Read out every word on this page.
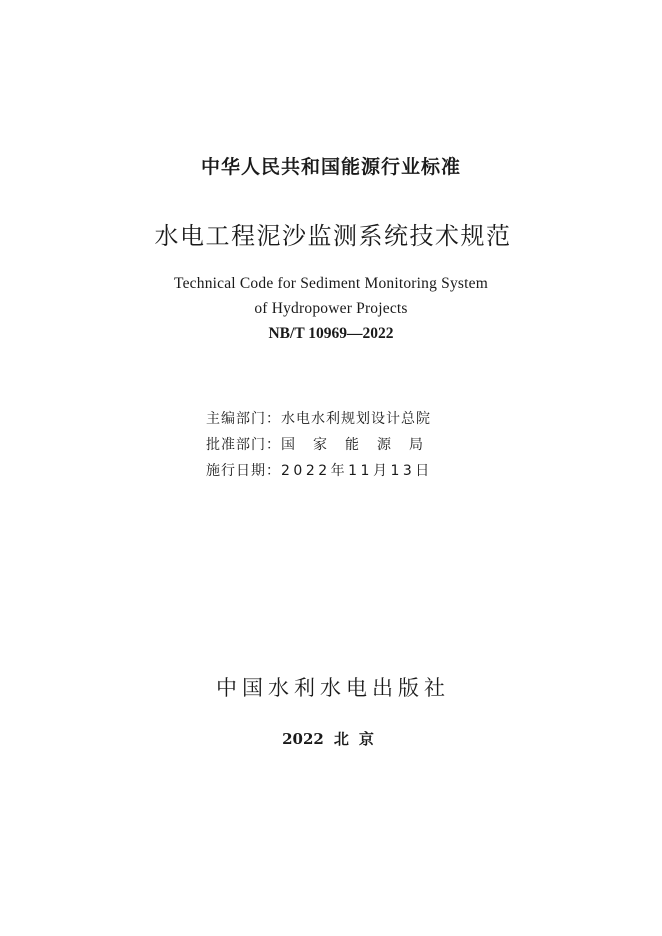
中华人民共和国能源行业标准
水电工程泥沙监测系统技术规范
Technical Code for Sediment Monitoring System
of Hydropower Projects
NB/T 10969—2022
主编部门：水电水利规划设计总院
批准部门：国家能源局
施行日期：2022年11月13日
中国水利水电出版社
2022 北京
